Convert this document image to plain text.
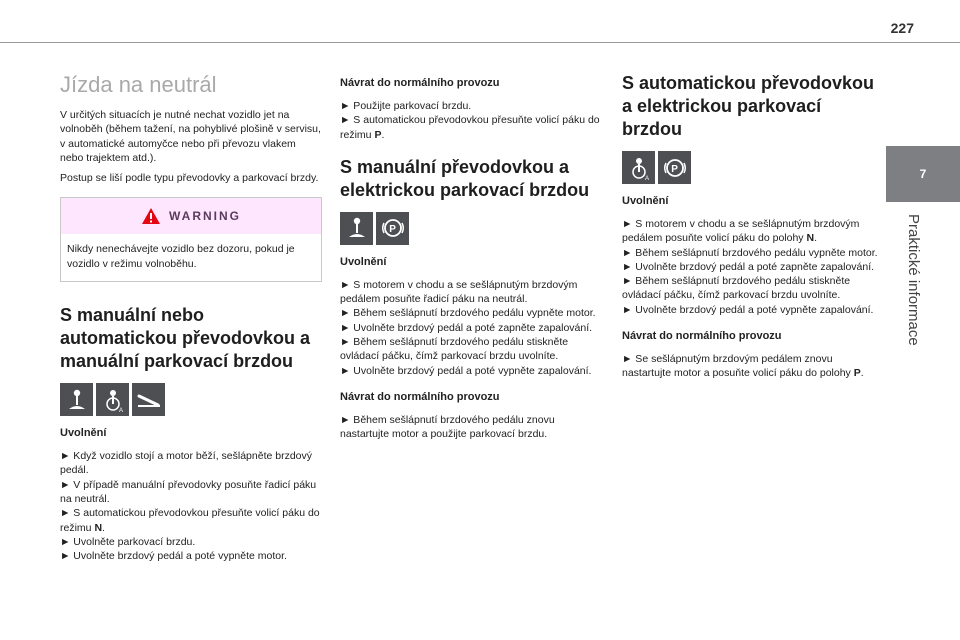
227
7
Praktické informace
Jízda na neutrál

V určitých situacích je nutné nechat vozidlo jet na volnoběh (během tažení, na pohyblivé plošině v servisu, v automatické automyčce nebo při převozu vlakem nebo trajektem atd.).

Postup se liší podle typu převodovky a parkovací brzdy.

WARNING
Nikdy nenechávejte vozidlo bez dozoru, pokud je vozidlo v režimu volnoběhu.
S manuální nebo automatickou převodovkou a manuální parkovací brzdou
A
Uvolnění
► Když vozidlo stojí a motor běží, sešlápněte brzdový pedál.
► V případě manuální převodovky posuňte řadicí páku na neutrál.
► S automatickou převodovkou přesuňte volicí páku do režimu N.
► Uvolněte parkovací brzdu.
► Uvolněte brzdový pedál a poté vypněte motor.
Návrat do normálního provozu
► Použijte parkovací brzdu.
► S automatickou převodovkou přesuňte volicí páku do režimu P.
S manuální převodovkou a elektrickou parkovací brzdou
P
Uvolnění
► S motorem v chodu a se sešlápnutým brzdovým pedálem posuňte řadicí páku na neutrál.
► Během sešlápnutí brzdového pedálu vypněte motor.
► Uvolněte brzdový pedál a poté zapněte zapalování.
► Během sešlápnutí brzdového pedálu stiskněte ovládací páčku, čímž parkovací brzdu uvolníte.
► Uvolněte brzdový pedál a poté vypněte zapalování.
Návrat do normálního provozu
► Během sešlápnutí brzdového pedálu znovu nastartujte motor a použijte parkovací brzdu.
S automatickou převodovkou a elektrickou parkovací brzdou
A
P
Uvolnění
► S motorem v chodu a se sešlápnutým brzdovým pedálem posuňte volicí páku do polohy N.
► Během sešlápnutí brzdového pedálu vypněte motor.
► Uvolněte brzdový pedál a poté zapněte zapalování.
► Během sešlápnutí brzdového pedálu stiskněte ovládací páčku, čímž parkovací brzdu uvolníte.
► Uvolněte brzdový pedál a poté vypněte zapalování.
Návrat do normálního provozu
► Se sešlápnutým brzdovým pedálem znovu nastartujte motor a posuňte volicí páku do polohy P.
